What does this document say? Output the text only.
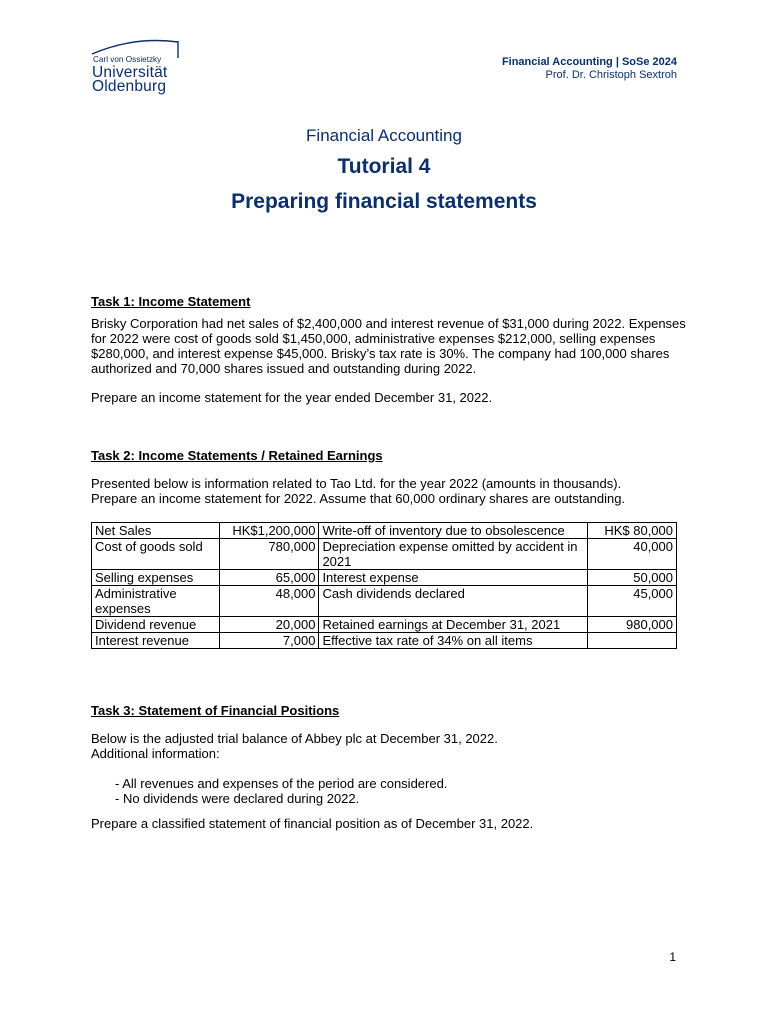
Carl von Ossietzky
Universität
Oldenburg
Financial Accounting | SoSe 2024
Prof. Dr. Christoph Sextroh
Financial Accounting
Tutorial 4
Preparing financial statements
Task 1: Income Statement
Brisky Corporation had net sales of $2,400,000 and interest revenue of $31,000 during 2022. Expenses for 2022 were cost of goods sold $1,450,000, administrative expenses $212,000, selling expenses $280,000, and interest expense $45,000. Brisky’s tax rate is 30%. The company had 100,000 shares authorized and 70,000 shares issued and outstanding during 2022.
Prepare an income statement for the year ended December 31, 2022.
Task 2: Income Statements / Retained Earnings
Presented below is information related to Tao Ltd. for the year 2022 (amounts in thousands).
Prepare an income statement for 2022. Assume that 60,000 ordinary shares are outstanding.
Net Sales	HK$1,200,000	Write-off of inventory due to obsolescence	HK$ 80,000
Cost of goods sold	780,000	Depreciation expense omitted by accident in 2021	40,000
Selling expenses	65,000	Interest expense	50,000
Administrative expenses	48,000	Cash dividends declared	45,000
Dividend revenue	20,000	Retained earnings at December 31, 2021	980,000
Interest revenue	7,000	Effective tax rate of 34% on all items	
Task 3: Statement of Financial Positions
Below is the adjusted trial balance of Abbey plc at December 31, 2022.
Additional information:
- All revenues and expenses of the period are considered.
- No dividends were declared during 2022.
Prepare a classified statement of financial position as of December 31, 2022.
1
